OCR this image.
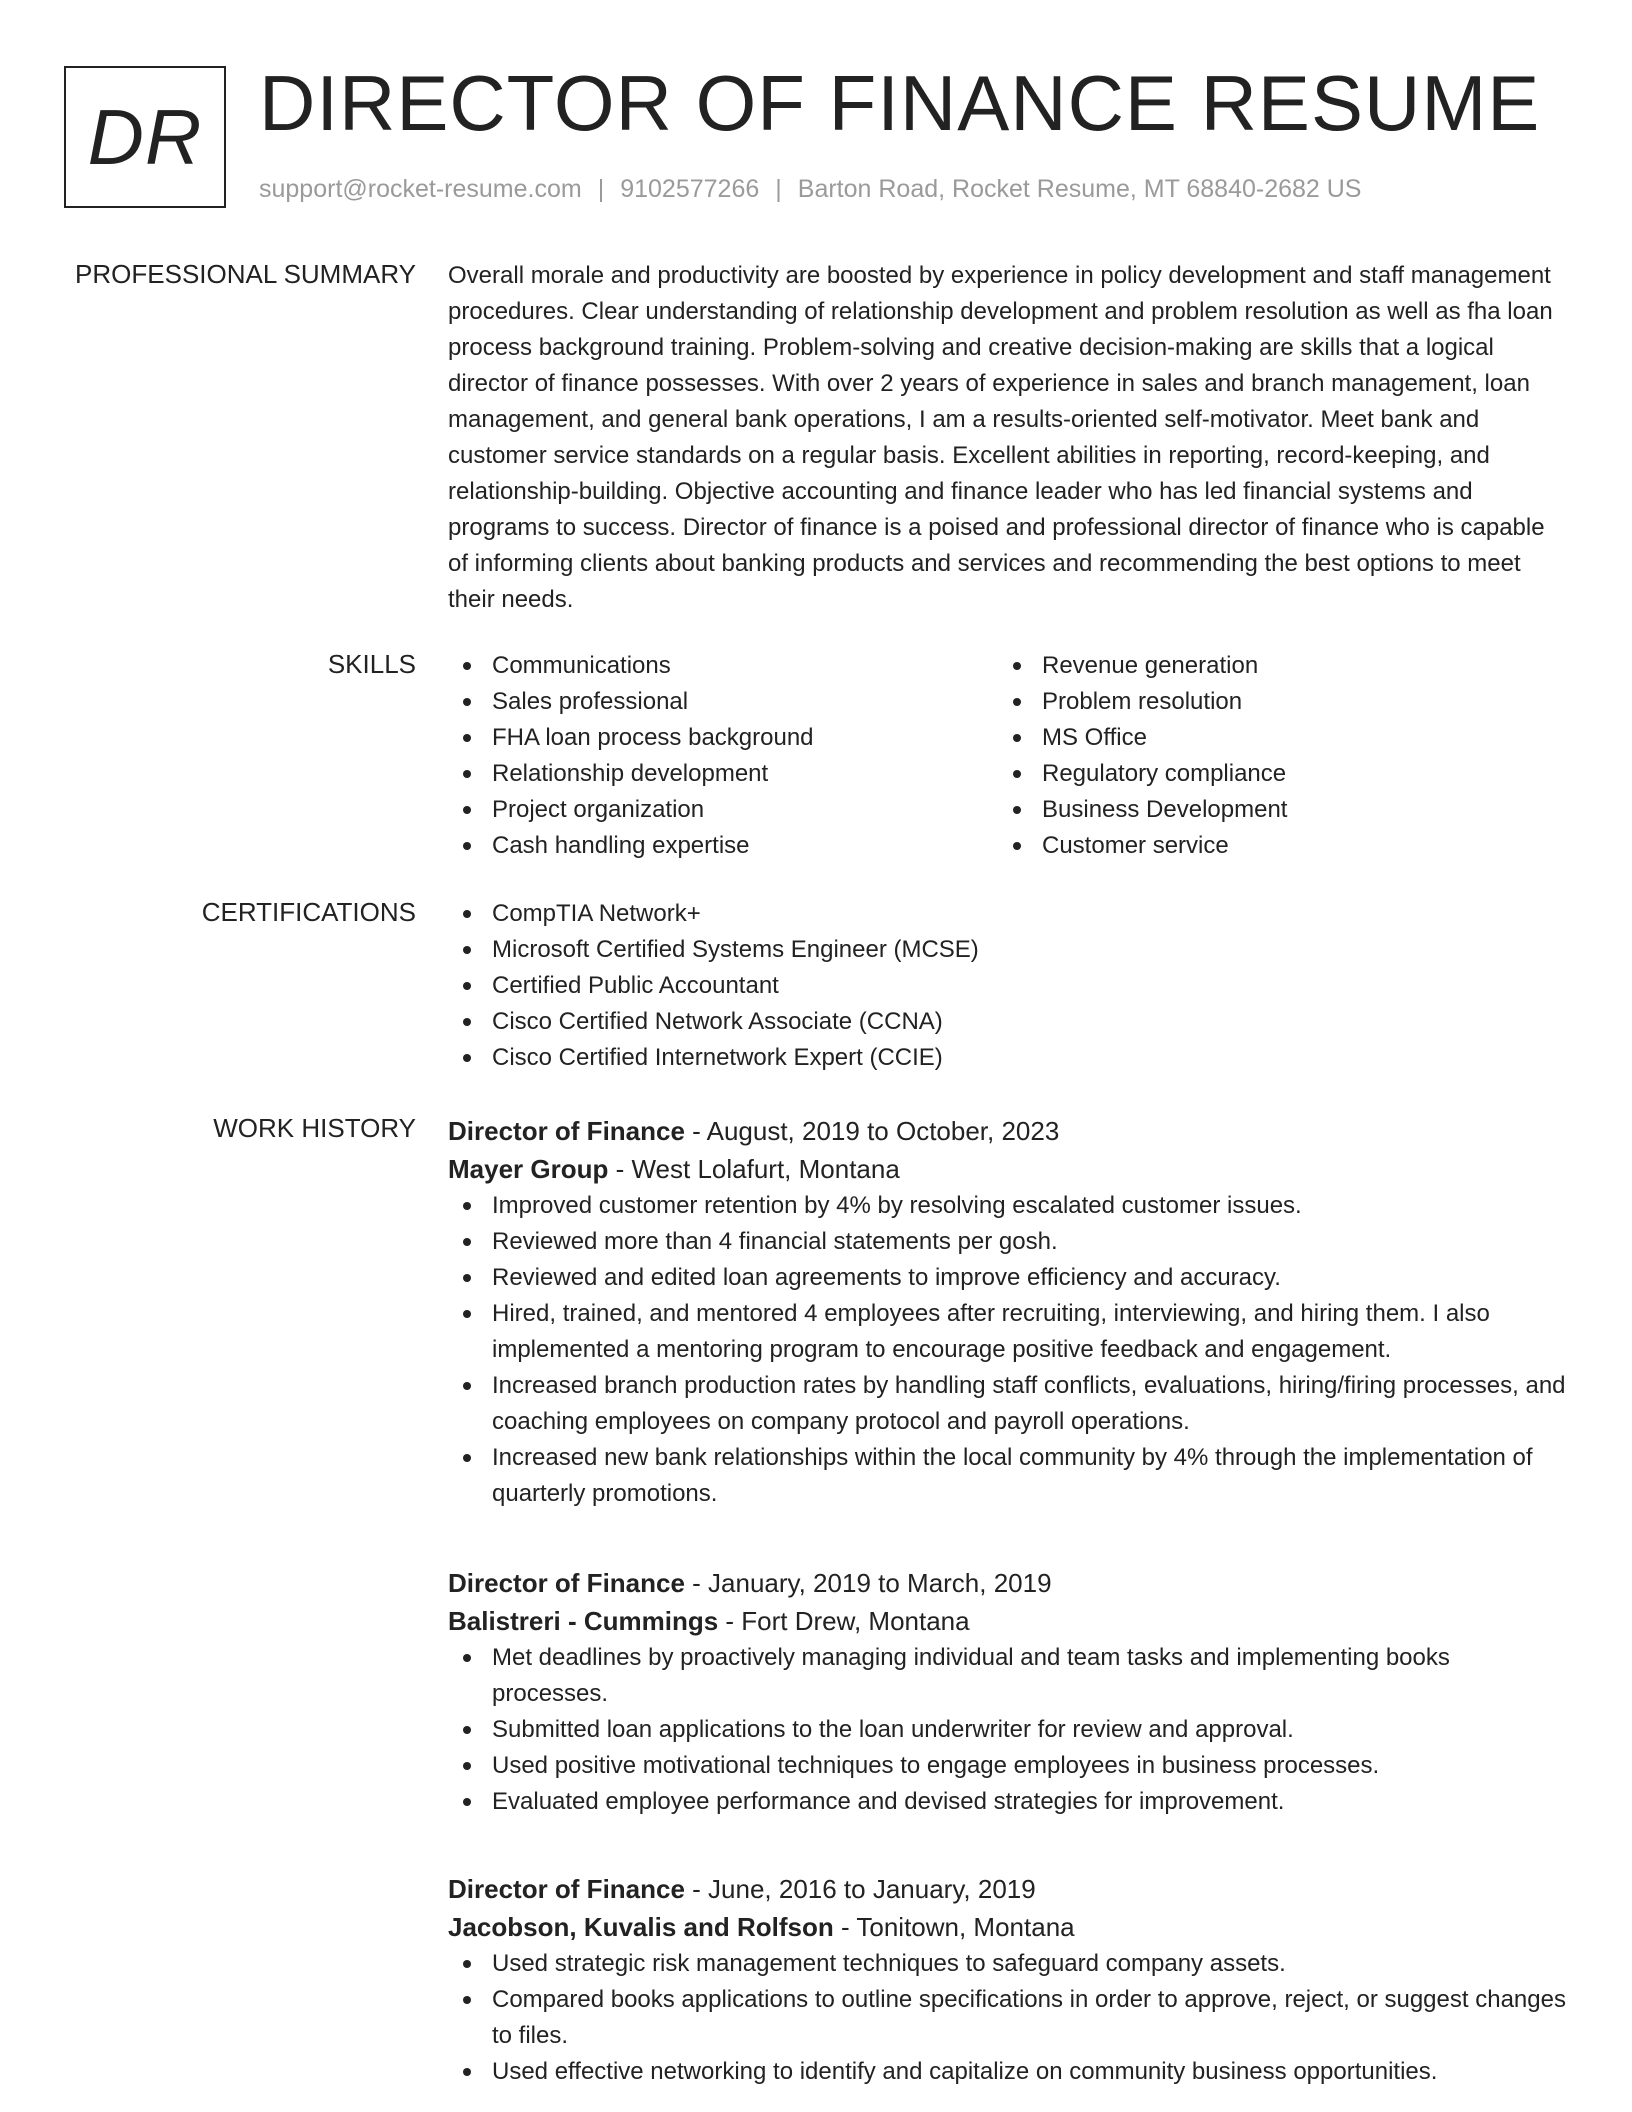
DR DIRECTOR OF FINANCE RESUME
support@rocket-resume.com | 9102577266 | Barton Road, Rocket Resume, MT 68840-2682 US
PROFESSIONAL SUMMARY Overall morale and productivity are boosted by experience in policy development and staff management procedures. Clear understanding of relationship development and problem resolution as well as fha loan process background training. Problem-solving and creative decision-making are skills that a logical director of finance possesses. With over 2 years of experience in sales and branch management, loan management, and general bank operations, I am a results-oriented self-motivator. Meet bank and customer service standards on a regular basis. Excellent abilities in reporting, record-keeping, and relationship-building. Objective accounting and finance leader who has led financial systems and programs to success. Director of finance is a poised and professional director of finance who is capable of informing clients about banking products and services and recommending the best options to meet their needs.

SKILLS	Communications
Sales professional
FHA loan process background
Relationship development
Project organization
Cash handling expertise
Revenue generation
Problem resolution
MS Office
Regulatory compliance
Business Development
Customer service
CERTIFICATIONS	CompTIA Network+
Microsoft Certified Systems Engineer (MCSE)
Certified Public Accountant
Cisco Certified Network Associate (CCNA)
Cisco Certified Internetwork Expert (CCIE)
WORK HISTORY Director of Finance - August, 2019 to October, 2023
Mayer Group - West Lolafurt, Montana
Improved customer retention by 4% by resolving escalated customer issues.
Reviewed more than 4 financial statements per gosh.
Reviewed and edited loan agreements to improve efficiency and accuracy.
Hired, trained, and mentored 4 employees after recruiting, interviewing, and hiring them. I also implemented a mentoring program to encourage positive feedback and engagement.
Increased branch production rates by handling staff conflicts, evaluations, hiring/firing processes, and coaching employees on company protocol and payroll operations.
Increased new bank relationships within the local community by 4% through the implementation of quarterly promotions.
Director of Finance - January, 2019 to March, 2019
Balistreri - Cummings - Fort Drew, Montana
Met deadlines by proactively managing individual and team tasks and implementing books processes.
Submitted loan applications to the loan underwriter for review and approval.
Used positive motivational techniques to engage employees in business processes.
Evaluated employee performance and devised strategies for improvement.
Director of Finance - June, 2016 to January, 2019
Jacobson, Kuvalis and Rolfson - Tonitown, Montana
Used strategic risk management techniques to safeguard company assets.
Compared books applications to outline specifications in order to approve, reject, or suggest changes to files.
Used effective networking to identify and capitalize on community business opportunities.
